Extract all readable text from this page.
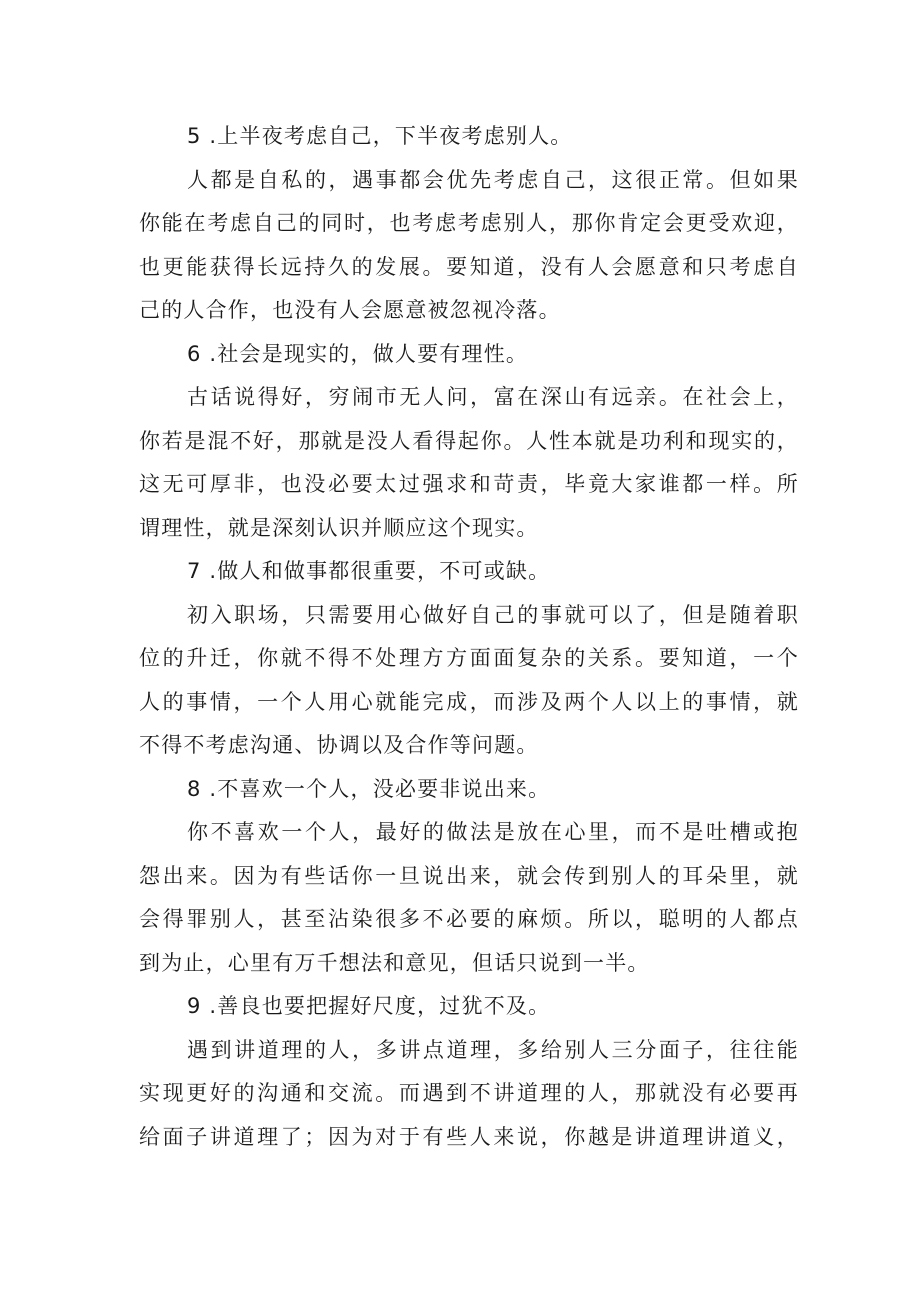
5 .上半夜考虑自己，下半夜考虑别人。
人都是自私的，遇事都会优先考虑自己，这很正常。但如果
你能在考虑自己的同时，也考虑考虑别人，那你肯定会更受欢迎，
也更能获得长远持久的发展。要知道，没有人会愿意和只考虑自
己的人合作，也没有人会愿意被忽视冷落。
6 .社会是现实的，做人要有理性。
古话说得好，穷闹市无人问，富在深山有远亲。在社会上，
你若是混不好，那就是没人看得起你。人性本就是功利和现实的，
这无可厚非，也没必要太过强求和苛责，毕竟大家谁都一样。所
谓理性，就是深刻认识并顺应这个现实。
7 .做人和做事都很重要，不可或缺。
初入职场，只需要用心做好自己的事就可以了，但是随着职
位的升迁，你就不得不处理方方面面复杂的关系。要知道，一个
人的事情，一个人用心就能完成，而涉及两个人以上的事情，就
不得不考虑沟通、协调以及合作等问题。
8 .不喜欢一个人，没必要非说出来。
你不喜欢一个人，最好的做法是放在心里，而不是吐槽或抱
怨出来。因为有些话你一旦说出来，就会传到别人的耳朵里，就
会得罪别人，甚至沾染很多不必要的麻烦。所以，聪明的人都点
到为止，心里有万千想法和意见，但话只说到一半。
9 .善良也要把握好尺度，过犹不及。
遇到讲道理的人，多讲点道理，多给别人三分面子，往往能
实现更好的沟通和交流。而遇到不讲道理的人，那就没有必要再
给面子讲道理了；因为对于有些人来说，你越是讲道理讲道义，
